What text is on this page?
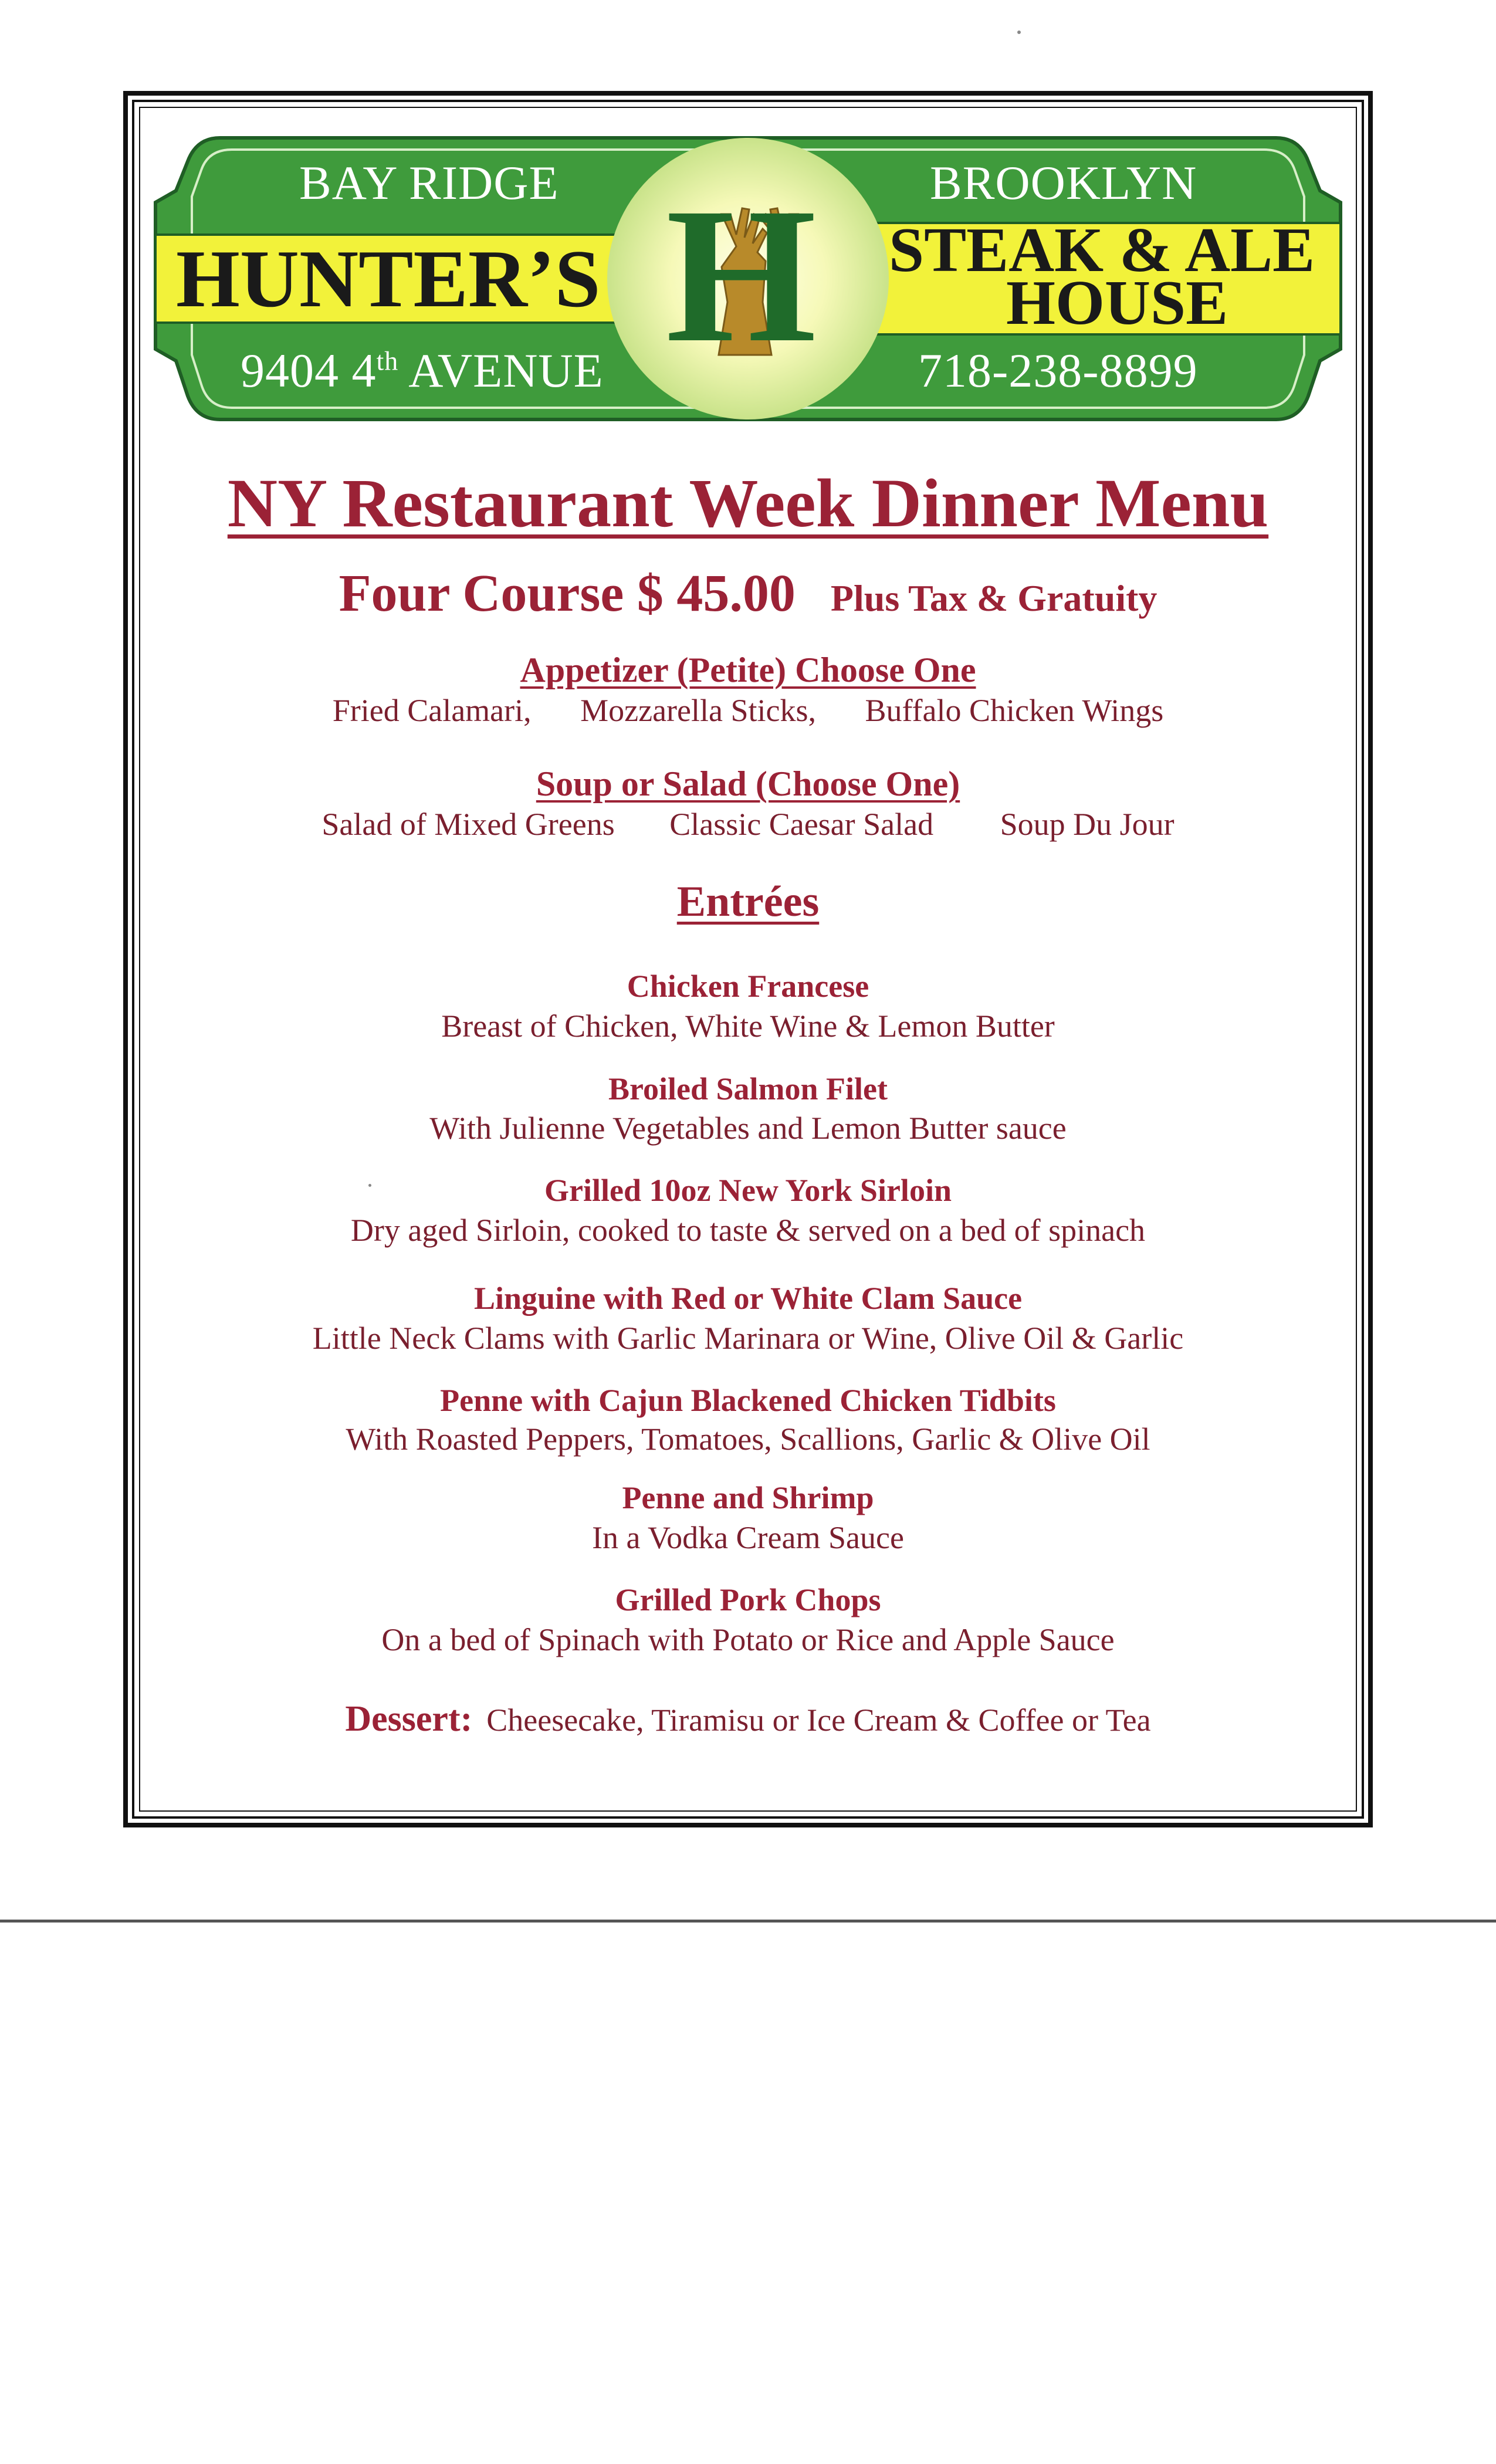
BAY RIDGE	BROOKLYN
HUNTER’S	STEAK & ALE
HOUSE
9404 4th AVENUE	718-238-8899
H
NY Restaurant Week Dinner Menu
Four Course $ 45.00 Plus Tax & Gratuity
Appetizer (Petite) Choose One
Fried Calamari, Mozzarella Sticks, Buffalo Chicken Wings
Soup or Salad (Choose One)
Salad of Mixed Greens Classic Caesar Salad Soup Du Jour
Entrées
Chicken Francese
Breast of Chicken, White Wine & Lemon Butter
Broiled Salmon Filet
With Julienne Vegetables and Lemon Butter sauce
Grilled 10oz New York Sirloin
Dry aged Sirloin, cooked to taste & served on a bed of spinach
Linguine with Red or White Clam Sauce
Little Neck Clams with Garlic Marinara or Wine, Olive Oil & Garlic
Penne with Cajun Blackened Chicken Tidbits
With Roasted Peppers, Tomatoes, Scallions, Garlic & Olive Oil
Penne and Shrimp
In a Vodka Cream Sauce
Grilled Pork Chops
On a bed of Spinach with Potato or Rice and Apple Sauce
Dessert: Cheesecake, Tiramisu or Ice Cream & Coffee or Tea
